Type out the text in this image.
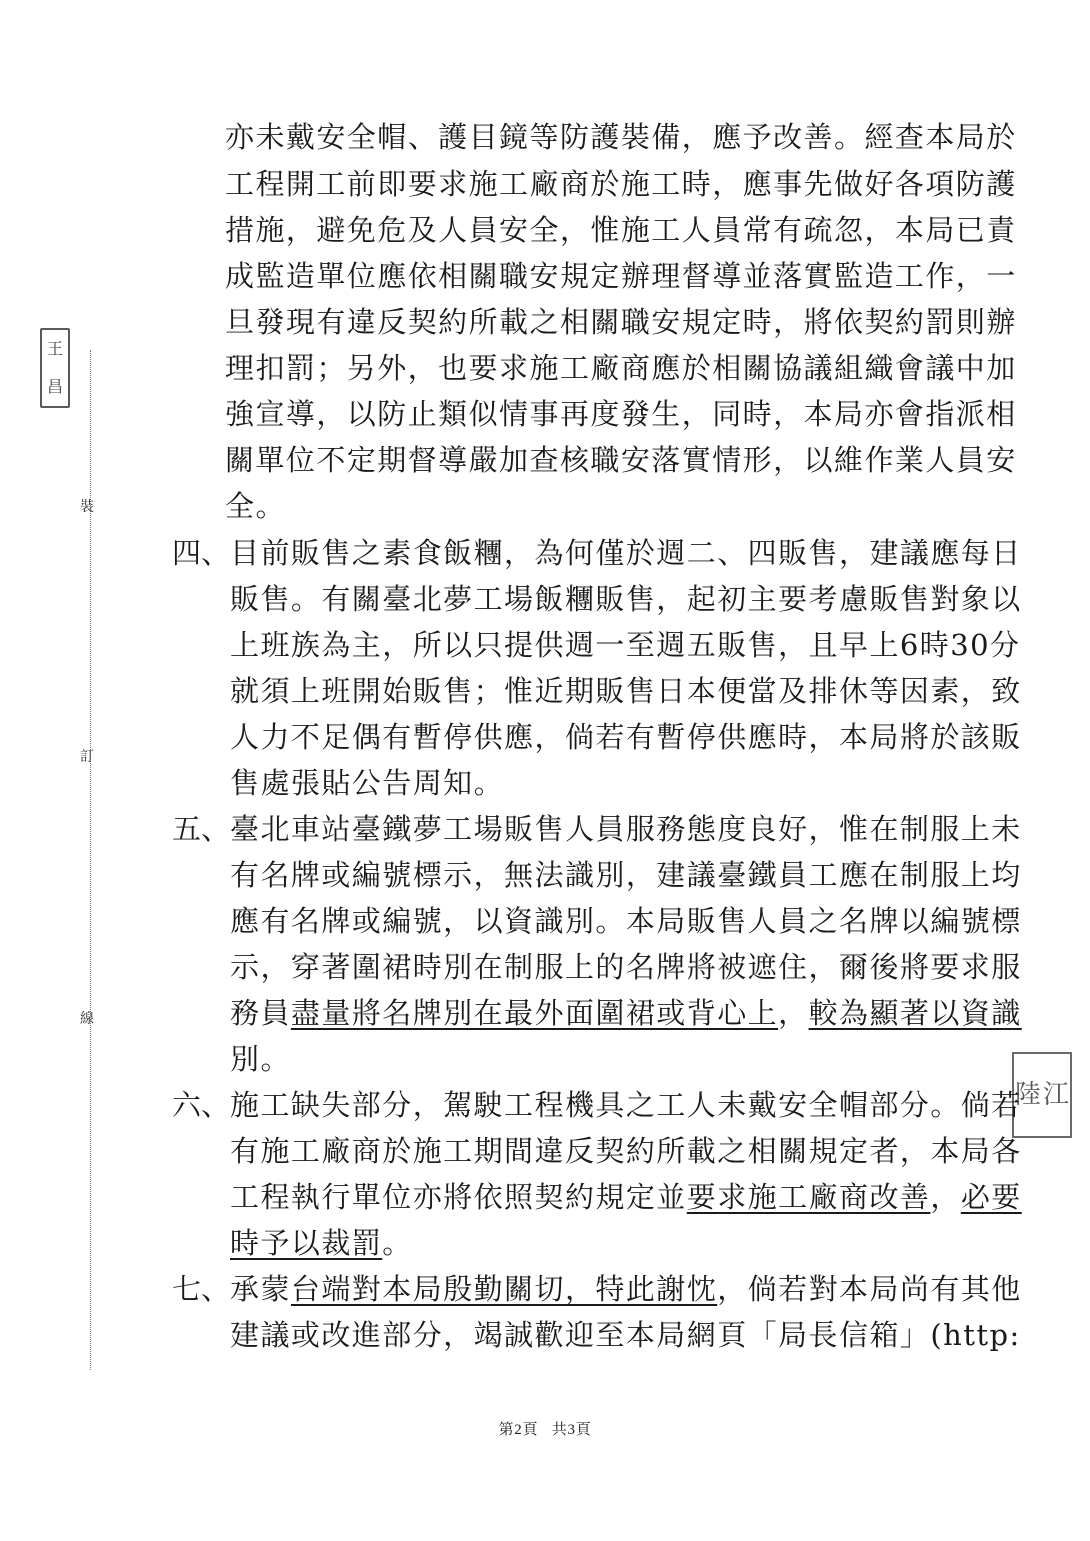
裝
訂
線
王
昌
陸 江
亦未戴安全帽、護目鏡等防護裝備，應予改善。經查本局於
工程開工前即要求施工廠商於施工時，應事先做好各項防護
措施，避免危及人員安全，惟施工人員常有疏忽，本局已責
成監造單位應依相關職安規定辦理督導並落實監造工作，一
旦發現有違反契約所載之相關職安規定時，將依契約罰則辦
理扣罰；另外，也要求施工廠商應於相關協議組織會議中加
強宣導，以防止類似情事再度發生，同時，本局亦會指派相
關單位不定期督導嚴加查核職安落實情形，以維作業人員安
全。
四、 目前販售之素食飯糰，為何僅於週二、四販售，建議應每日
販售。有關臺北夢工場飯糰販售，起初主要考慮販售對象以
上班族為主，所以只提供週一至週五販售，且早上6時30分
就須上班開始販售；惟近期販售日本便當及排休等因素，致
人力不足偶有暫停供應，倘若有暫停供應時，本局將於該販
售處張貼公告周知。
五、 臺北車站臺鐵夢工場販售人員服務態度良好，惟在制服上未
有名牌或編號標示，無法識別，建議臺鐵員工應在制服上均
應有名牌或編號，以資識別。本局販售人員之名牌以編號標
示，穿著圍裙時別在制服上的名牌將被遮住，爾後將要求服
務員盡量將名牌別在最外面圍裙或背心上，較為顯著以資識
別。
六、 施工缺失部分，駕駛工程機具之工人未戴安全帽部分。倘若
有施工廠商於施工期間違反契約所載之相關規定者，本局各
工程執行單位亦將依照契約規定並要求施工廠商改善，必要
時予以裁罰。
七、 承蒙台端對本局殷勤關切，特此謝忱，倘若對本局尚有其他
建議或改進部分，竭誠歡迎至本局網頁「局長信箱」(http:
第2頁 共3頁
